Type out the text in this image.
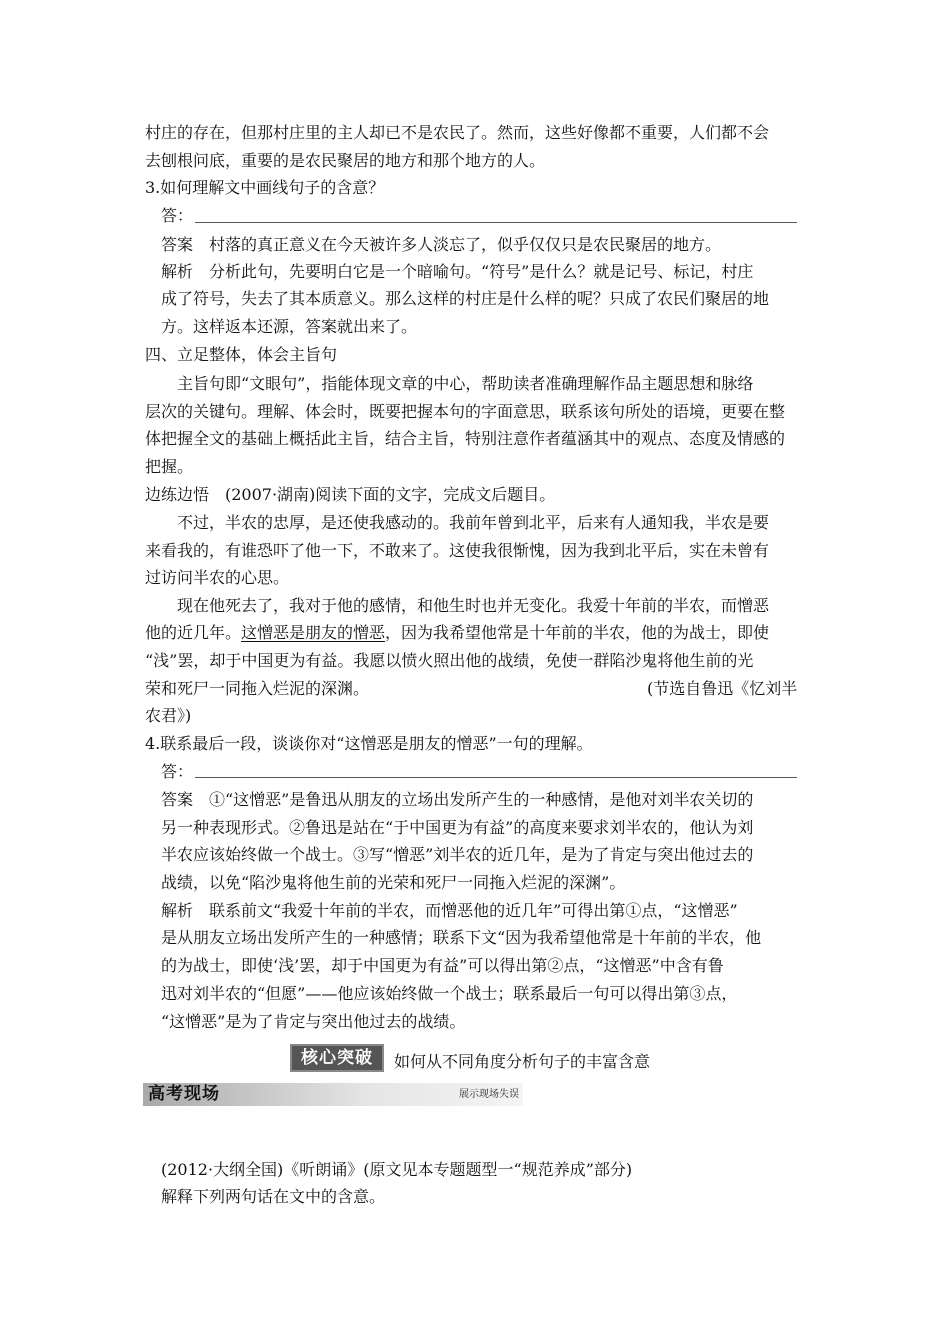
村庄的存在，但那村庄里的主人却已不是农民了。然而，这些好像都不重要，人们都不会
去刨根问底，重要的是农民聚居的地方和那个地方的人。
3.如何理解文中画线句子的含意？
答：
答案　村落的真正意义在今天被许多人淡忘了，似乎仅仅只是农民聚居的地方。
解析　分析此句，先要明白它是一个暗喻句。“符号”是什么？就是记号、标记，村庄
成了符号，失去了其本质意义。那么这样的村庄是什么样的呢？只成了农民们聚居的地
方。这样返本还源，答案就出来了。
四、立足整体，体会主旨句
主旨句即“文眼句”，指能体现文章的中心，帮助读者准确理解作品主题思想和脉络
层次的关键句。理解、体会时，既要把握本句的字面意思，联系该句所处的语境，更要在整
体把握全文的基础上概括此主旨，结合主旨，特别注意作者蕴涵其中的观点、态度及情感的
把握。
边练边悟　(2007·湖南)阅读下面的文字，完成文后题目。
不过，半农的忠厚，是还使我感动的。我前年曾到北平，后来有人通知我，半农是要
来看我的，有谁恐吓了他一下，不敢来了。这使我很惭愧，因为我到北平后，实在未曾有
过访问半农的心思。
现在他死去了，我对于他的感情，和他生时也并无变化。我爱十年前的半农，而憎恶
他的近几年。这憎恶是朋友的憎恶，因为我希望他常是十年前的半农，他的为战士，即使
“浅”罢，却于中国更为有益。我愿以愤火照出他的战绩，免使一群陷沙鬼将他生前的光
荣和死尸一同拖入烂泥的深渊。	(节选自鲁迅《忆刘半
农君》)
4.联系最后一段，谈谈你对“这憎恶是朋友的憎恶”一句的理解。
答：
答案　①“这憎恶”是鲁迅从朋友的立场出发所产生的一种感情，是他对刘半农关切的
另一种表现形式。②鲁迅是站在“于中国更为有益”的高度来要求刘半农的，他认为刘
半农应该始终做一个战士。③写“憎恶”刘半农的近几年，是为了肯定与突出他过去的
战绩，以免“陷沙鬼将他生前的光荣和死尸一同拖入烂泥的深渊”。
解析　联系前文“我爱十年前的半农，而憎恶他的近几年”可得出第①点，“这憎恶”
是从朋友立场出发所产生的一种感情；联系下文“因为我希望他常是十年前的半农，他
的为战士，即使‘浅’罢，却于中国更为有益”可以得出第②点，“这憎恶”中含有鲁
迅对刘半农的“但愿”——他应该始终做一个战士；联系最后一句可以得出第③点，
“这憎恶”是为了肯定与突出他过去的战绩。
核心突破	如何从不同角度分析句子的丰富含意
高考现场	展示现场失误
(2012·大纲全国)《听朗诵》(原文见本专题题型一“规范养成”部分)
解释下列两句话在文中的含意。
